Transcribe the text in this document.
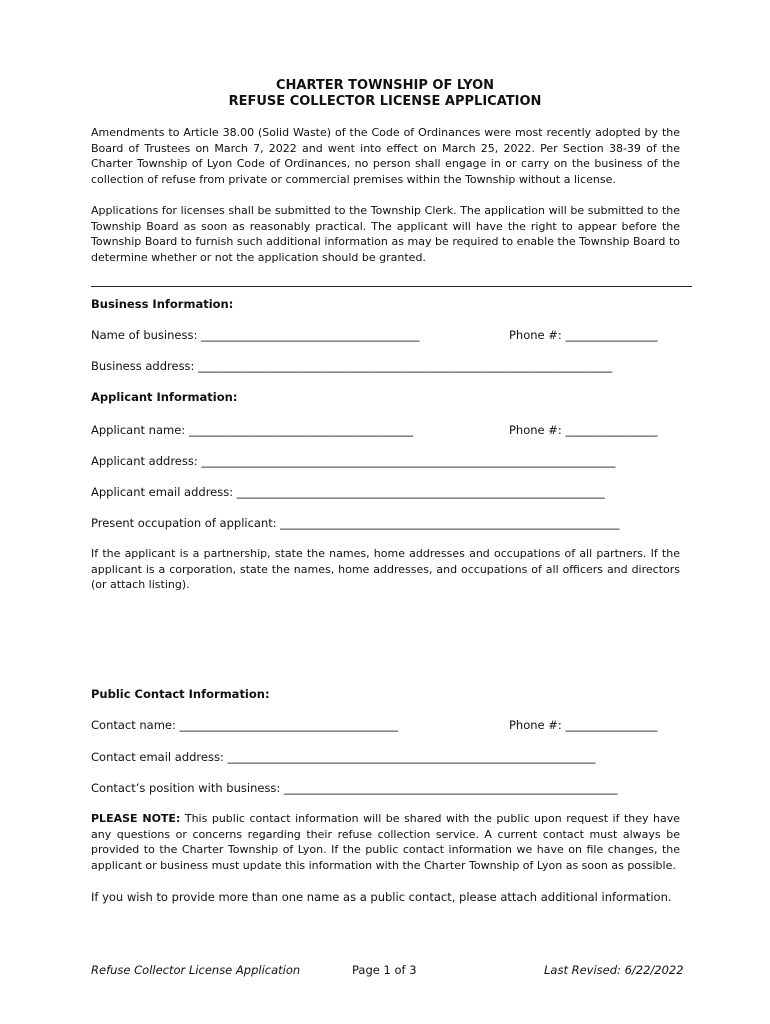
CHARTER TOWNSHIP OF LYON
REFUSE COLLECTOR LICENSE APPLICATION
Amendments to Article 38.00 (Solid Waste) of the Code of Ordinances were most recently adopted by the Board of Trustees on March 7, 2022 and went into effect on March 25, 2022. Per Section 38-39 of the Charter Township of Lyon Code of Ordinances, no person shall engage in or carry on the business of the collection of refuse from private or commercial premises within the Township without a license.
Applications for licenses shall be submitted to the Township Clerk. The application will be submitted to the Township Board as soon as reasonably practical. The applicant will have the right to appear before the Township Board to furnish such additional information as may be required to enable the Township Board to determine whether or not the application should be granted.
Business Information:
Name of business: ______________________________________	Phone #: ________________
Business address: ________________________________________________________________________
Applicant Information:
Applicant name: _______________________________________	Phone #: ________________
Applicant address: ________________________________________________________________________
Applicant email address: ________________________________________________________________
Present occupation of applicant: ___________________________________________________________
If the applicant is a partnership, state the names, home addresses and occupations of all partners. If the applicant is a corporation, state the names, home addresses, and occupations of all officers and directors (or attach listing).
Public Contact Information:
Contact name: ______________________________________	Phone #: ________________
Contact email address: ________________________________________________________________
Contact’s position with business: __________________________________________________________
PLEASE NOTE: This public contact information will be shared with the public upon request if they have any questions or concerns regarding their refuse collection service. A current contact must always be provided to the Charter Township of Lyon. If the public contact information we have on file changes, the applicant or business must update this information with the Charter Township of Lyon as soon as possible.
If you wish to provide more than one name as a public contact, please attach additional information.
Refuse Collector License Application	Page 1 of 3	Last Revised: 6/22/2022
